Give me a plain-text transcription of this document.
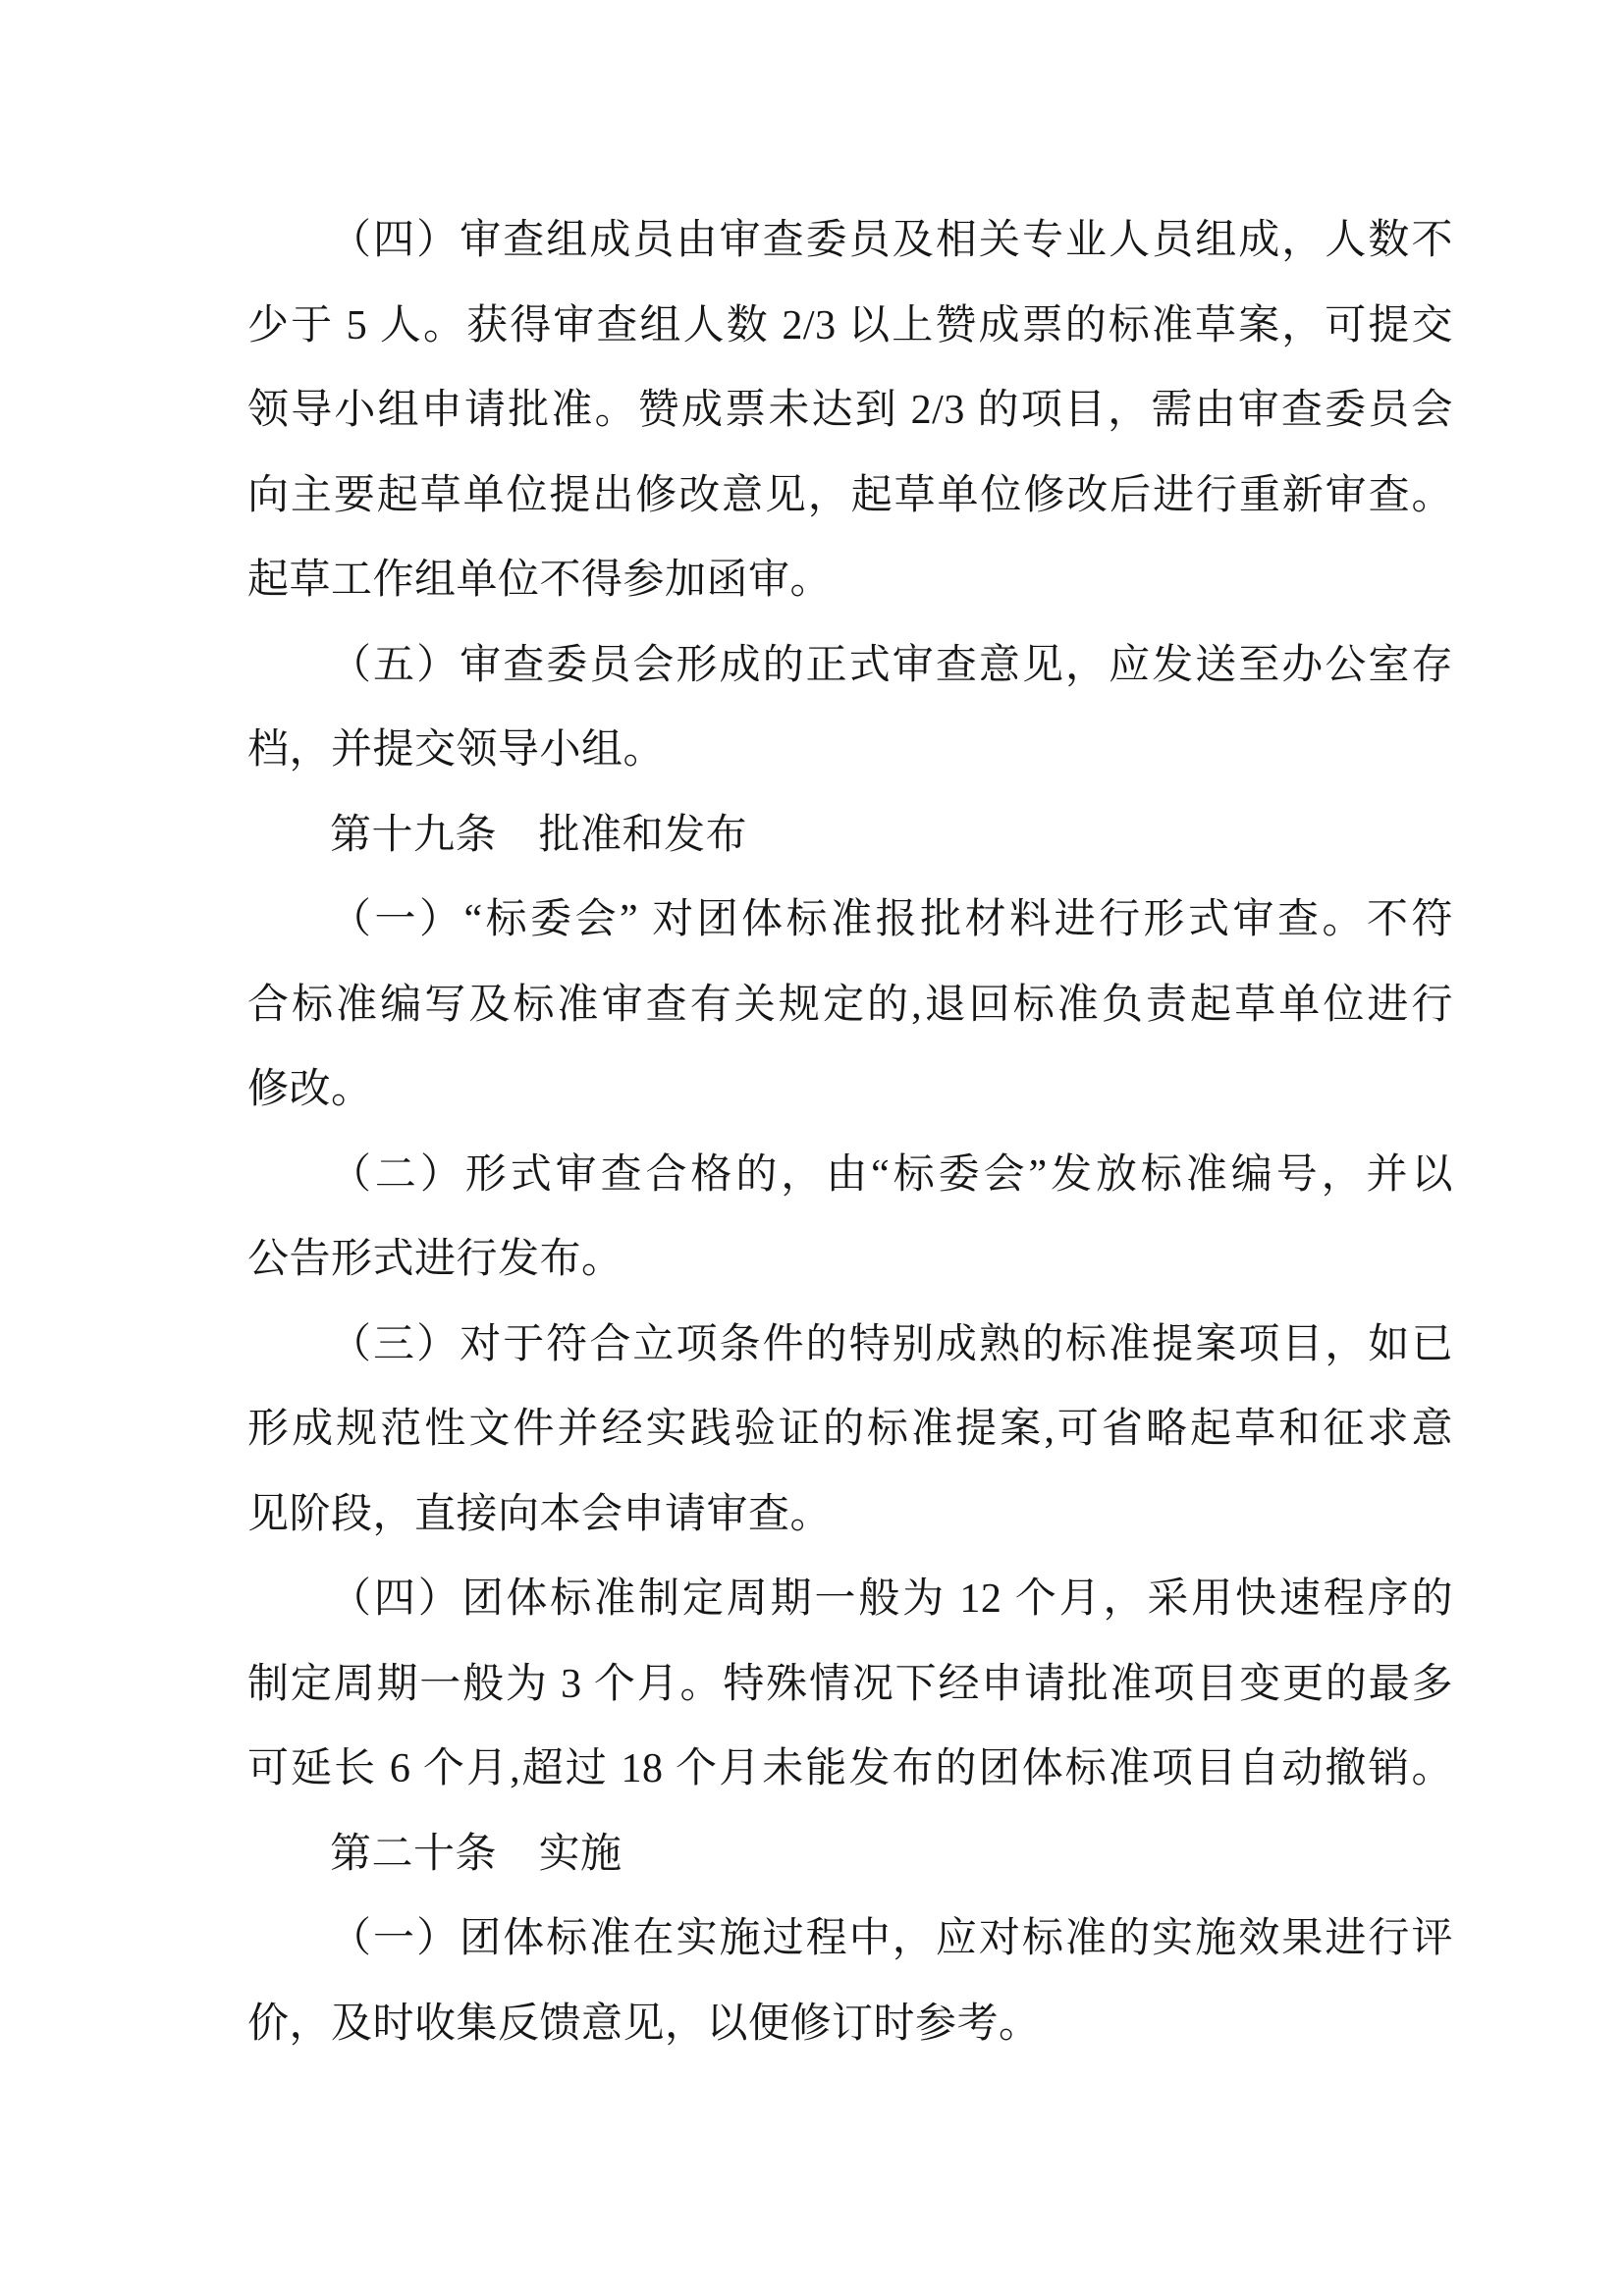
（四）审查组成员由审查委员及相关专业人员组成，人数不
少于 5 人。获得审查组人数 2/3 以上赞成票的标准草案，可提交
领导小组申请批准。赞成票未达到 2/3 的项目，需由审查委员会
向主要起草单位提出修改意见，起草单位修改后进行重新审查。
起草工作组单位不得参加函审。
（五）审查委员会形成的正式审查意见，应发送至办公室存
档，并提交领导小组。
第十九条　批准和发布
（一）“标委会” 对团体标准报批材料进行形式审查。不符
合标准编写及标准审查有关规定的,退回标准负责起草单位进行
修改。
（二）形式审查合格的，由“标委会”发放标准编号，并以
公告形式进行发布。
（三）对于符合立项条件的特别成熟的标准提案项目，如已
形成规范性文件并经实践验证的标准提案,可省略起草和征求意
见阶段，直接向本会申请审查。
（四）团体标准制定周期一般为 12 个月，采用快速程序的
制定周期一般为 3 个月。特殊情况下经申请批准项目变更的最多
可延长 6 个月,超过 18 个月未能发布的团体标准项目自动撤销。
第二十条　实施
（一）团体标准在实施过程中，应对标准的实施效果进行评
价，及时收集反馈意见，以便修订时参考。
